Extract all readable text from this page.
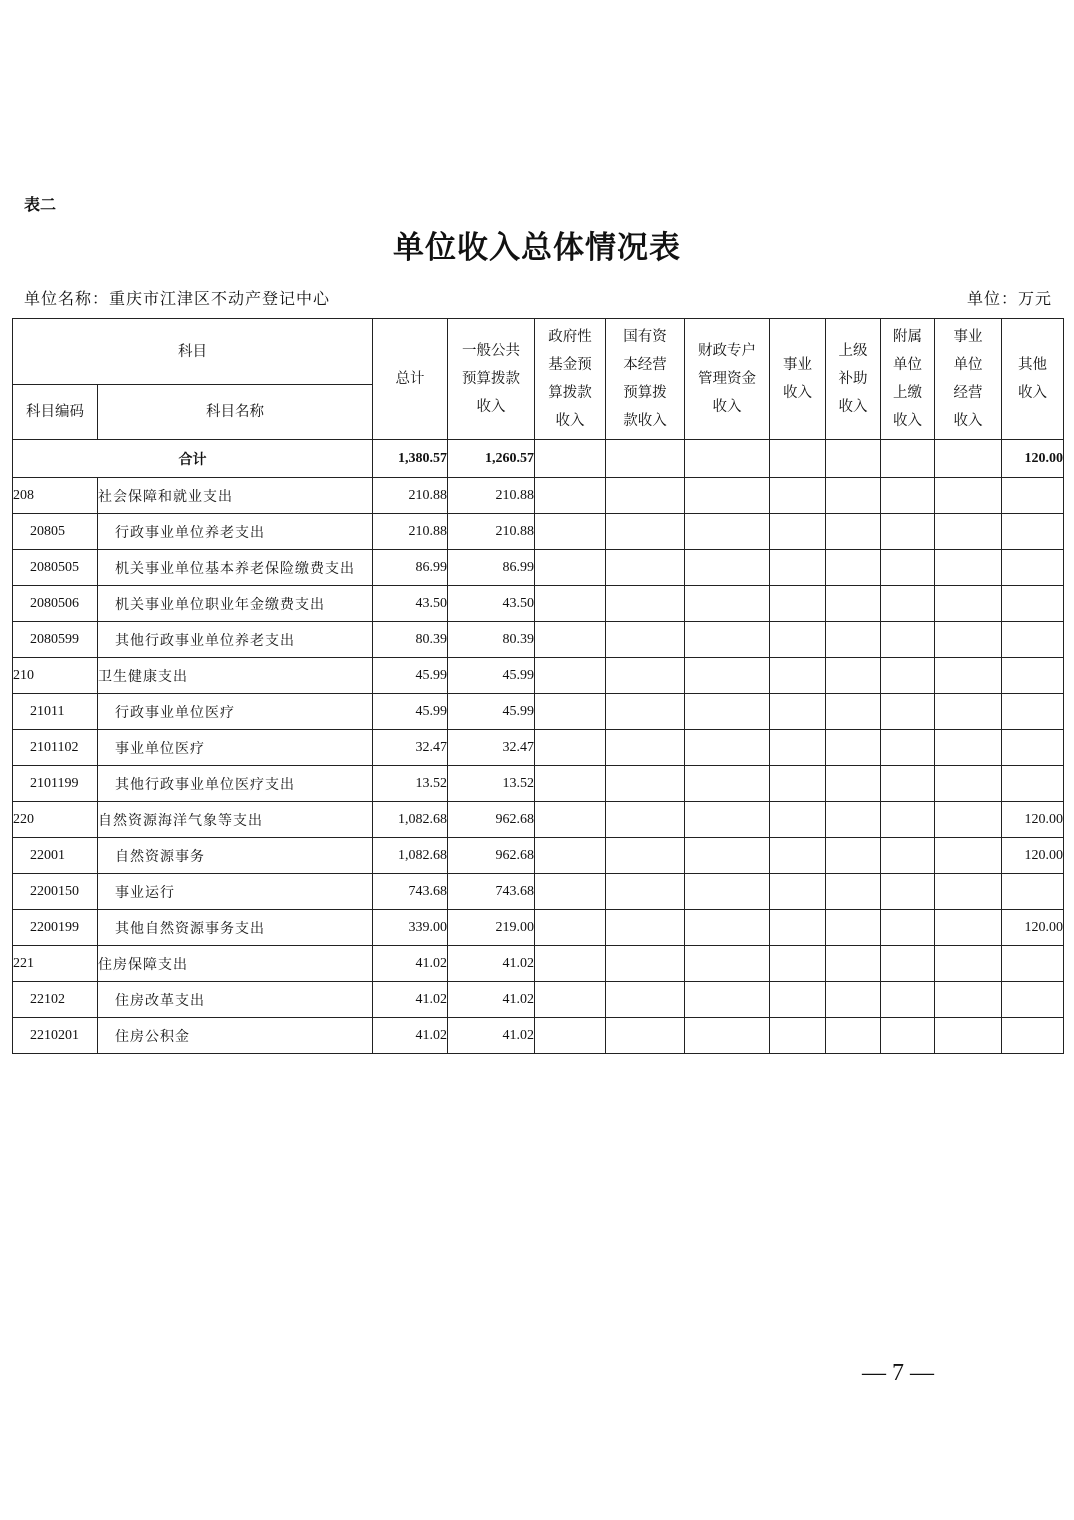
表二
单位收入总体情况表
单位名称：重庆市江津区不动产登记中心	单位：万元
科目		总计	一般公共预算拨款收入	政府性基金预算拨款收入	国有资本经营预算拨款收入	财政专户管理资金收入	事业收入	上级补助收入	附属单位上缴收入	事业单位经营收入	其他收入

科目编码	科目名称										
合计		1,380.57	1,260.57								120.00
208	社会保障和就业支出	210.88	210.88								
20805	行政事业单位养老支出	210.88	210.88								
2080505	机关事业单位基本养老保险缴费支出	86.99	86.99								
2080506	机关事业单位职业年金缴费支出	43.50	43.50								
2080599	其他行政事业单位养老支出	80.39	80.39								
210	卫生健康支出	45.99	45.99								
21011	行政事业单位医疗	45.99	45.99								
2101102	事业单位医疗	32.47	32.47								
2101199	其他行政事业单位医疗支出	13.52	13.52								
220	自然资源海洋气象等支出	1,082.68	962.68								120.00
22001	自然资源事务	1,082.68	962.68								120.00
2200150	事业运行	743.68	743.68								
2200199	其他自然资源事务支出	339.00	219.00								120.00
221	住房保障支出	41.02	41.02								
22102	住房改革支出	41.02	41.02								
2210201	住房公积金	41.02	41.02								
— 7 —
